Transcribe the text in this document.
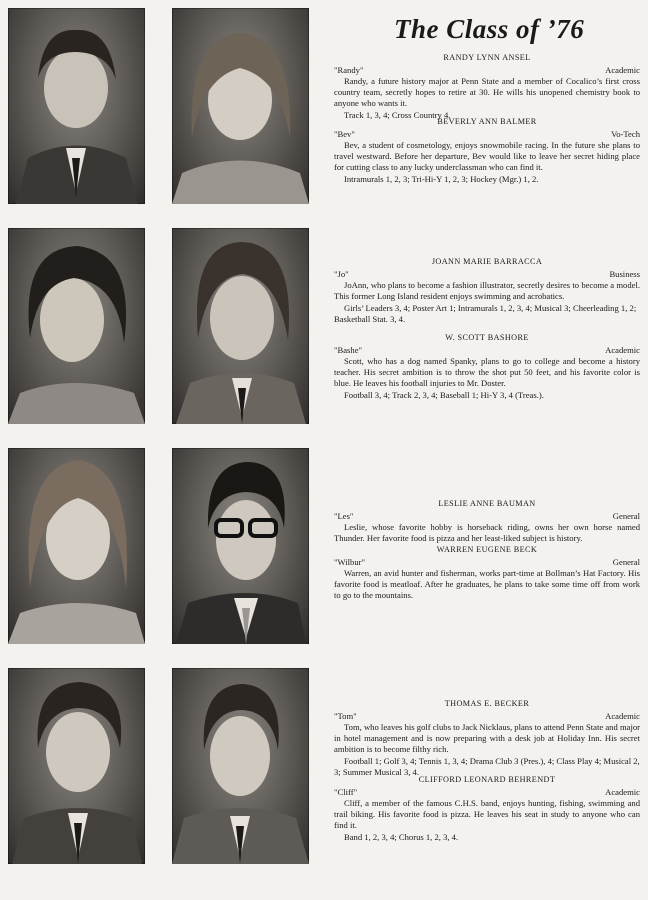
The Class of ’76
RANDY LYNN ANSEL
"Randy"	Academic

Randy, a future history major at Penn State and a member of Cocalico’s first cross country team, secretly hopes to retire at 30. He wills his unopened chemistry book to anyone who wants it.

Track 1, 3, 4; Cross Country 4.

BEVERLY ANN BALMER
"Bev"	Vo-Tech

Bev, a student of cosmetology, enjoys snowmobile racing. In the future she plans to travel westward. Before her departure, Bev would like to leave her secret hiding place for cutting class to any lucky underclassman who can find it.

Intramurals 1, 2, 3; Tri-Hi-Y 1, 2, 3; Hockey (Mgr.) 1, 2.

JOANN MARIE BARRACCA
"Jo"	Business

JoAnn, who plans to become a fashion illustrator, secretly desires to become a model. This former Long Island resident enjoys swimming and acrobatics.

Girls’ Leaders 3, 4; Poster Art 1; Intramurals 1, 2, 3, 4; Musical 3; Cheerleading 1, 2; Basketball Stat. 3, 4.

W. SCOTT BASHORE
"Bashe"	Academic

Scott, who has a dog named Spanky, plans to go to college and become a history teacher. His secret ambition is to throw the shot put 50 feet, and his favorite color is blue. He leaves his football injuries to Mr. Doster.

Football 3, 4; Track 2, 3, 4; Baseball 1; Hi-Y 3, 4 (Treas.).

LESLIE ANNE BAUMAN
"Les"	General

Leslie, whose favorite hobby is horseback riding, owns her own horse named Thunder. Her favorite food is pizza and her least-liked subject is history.

WARREN EUGENE BECK
"Wilbur"	General

Warren, an avid hunter and fisherman, works part-time at Bollman’s Hat Factory. His favorite food is meatloaf. After he graduates, he plans to take some time off from work to go to the mountains.

THOMAS E. BECKER
"Tom"	Academic

Tom, who leaves his golf clubs to Jack Nicklaus, plans to attend Penn State and major in hotel management and is now preparing with a desk job at Holiday Inn. His secret ambition is to become filthy rich.

Football 1; Golf 3, 4; Tennis 1, 3, 4; Drama Club 3 (Pres.), 4; Class Play 4; Musical 2, 3; Summer Musical 3, 4.

CLIFFORD LEONARD BEHRENDT
"Cliff"	Academic

Cliff, a member of the famous C.H.S. band, enjoys hunting, fishing, swimming and trail biking. His favorite food is pizza. He leaves his seat in study to anyone who can find it.

Band 1, 2, 3, 4; Chorus 1, 2, 3, 4.
